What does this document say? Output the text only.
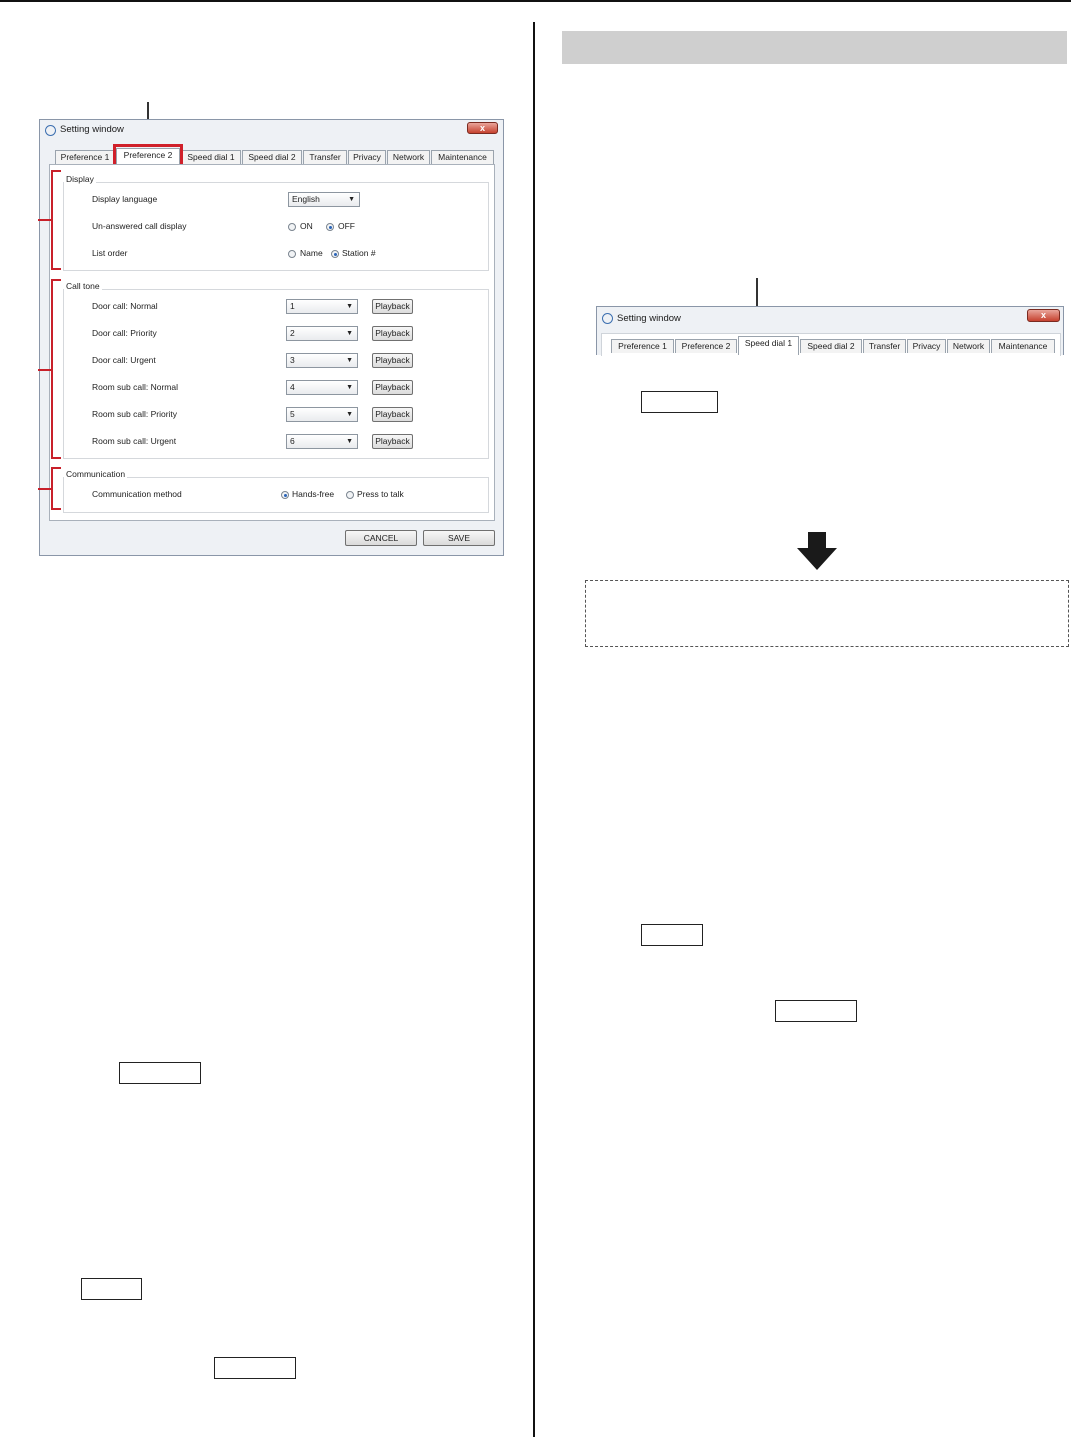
Setting window	x
Preference 1	Preference 2	Speed dial 1	Speed dial 2	Transfer	Privacy	Network	Maintenance
Display
Display language	English	▼
Un-answered call display	ON	OFF
List order	Name Station #
Call tone
Door call: Normal	1	▼	Playback
Door call: Priority	2	▼	Playback
Door call: Urgent	3	▼	Playback
Room sub call: Normal	4	▼	Playback
Room sub call: Priority	5	▼	Playback
Room sub call: Urgent	6	▼	Playback
Communication
Communication method	Hands-free	Press to talk
CANCEL	SAVE
Setting window	x
Preference 1	Preference 2	Speed dial 1	Speed dial 2	Transfer	Privacy	Network	Maintenance
